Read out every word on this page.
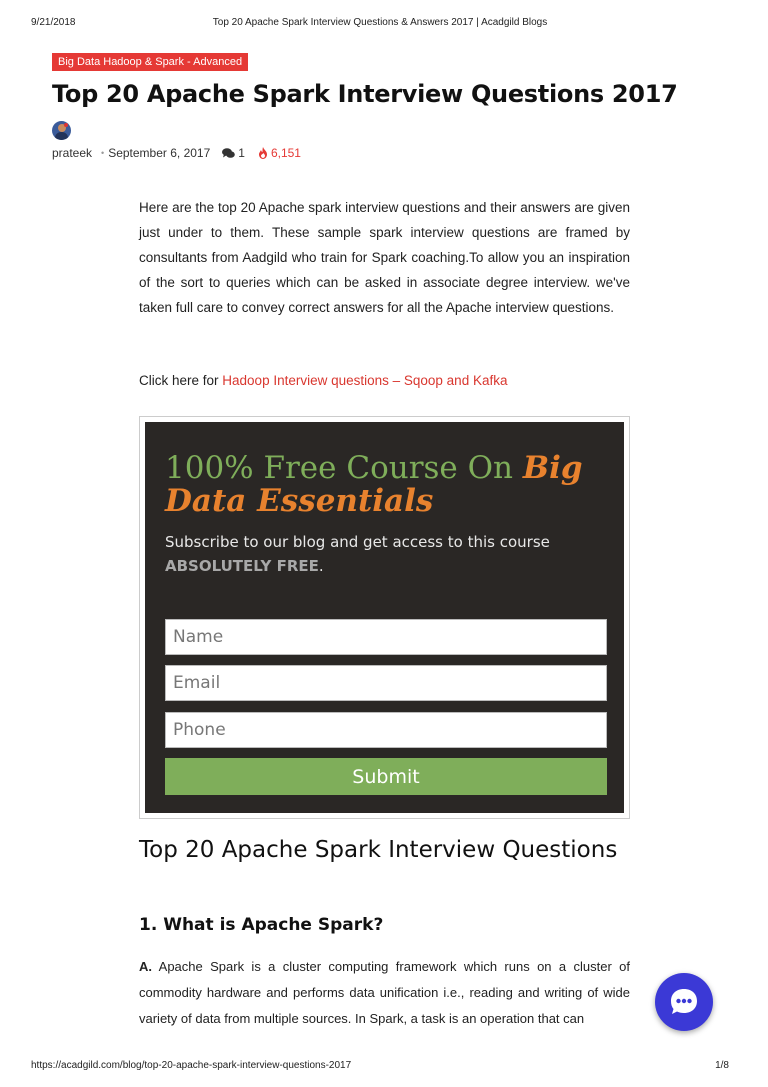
9/21/2018	Top 20 Apache Spark Interview Questions & Answers 2017 | Acadgild Blogs
Big Data Hadoop & Spark - Advanced
Top 20 Apache Spark Interview Questions 2017
prateek • September 6, 2017 1 6,151

Here are the top 20 Apache spark interview questions and their answers are given just under to them. These sample spark interview questions are framed by consultants from Aadgild who train for Spark coaching.To allow you an inspiration of the sort to queries which can be asked in associate degree interview. we've taken full care to convey correct answers for all the Apache interview questions.

Click here for Hadoop Interview questions – Sqoop and Kafka

100% Free Course On Big Data Essentials

Subscribe to our blog and get access to this course ABSOLUTELY FREE.

Name
Email
Phone
Submit
Top 20 Apache Spark Interview Questions
1. What is Apache Spark?

A. Apache Spark is a cluster computing framework which runs on a cluster of commodity hardware and performs data unification i.e., reading and writing of wide variety of data from multiple sources. In Spark, a task is an operation that can

https://acadgild.com/blog/top-20-apache-spark-interview-questions-2017	1/8
